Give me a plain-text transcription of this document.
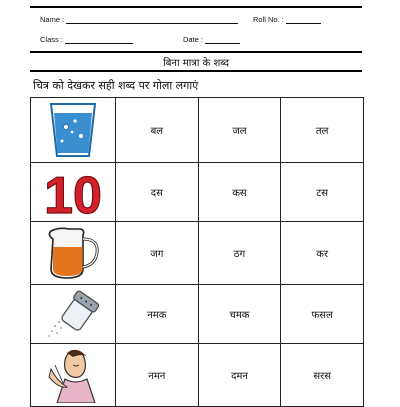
Name :	Roll No. :
Class :	Date :
बिना मात्रा के शब्द
चित्र को देखकर सही शब्द पर गोला लगाएं
	बल	जल	तल

10	दस	कस	टस

	जग	ठग	कर

	नमक	चमक	फसल

	नमन	दमन	सरस
